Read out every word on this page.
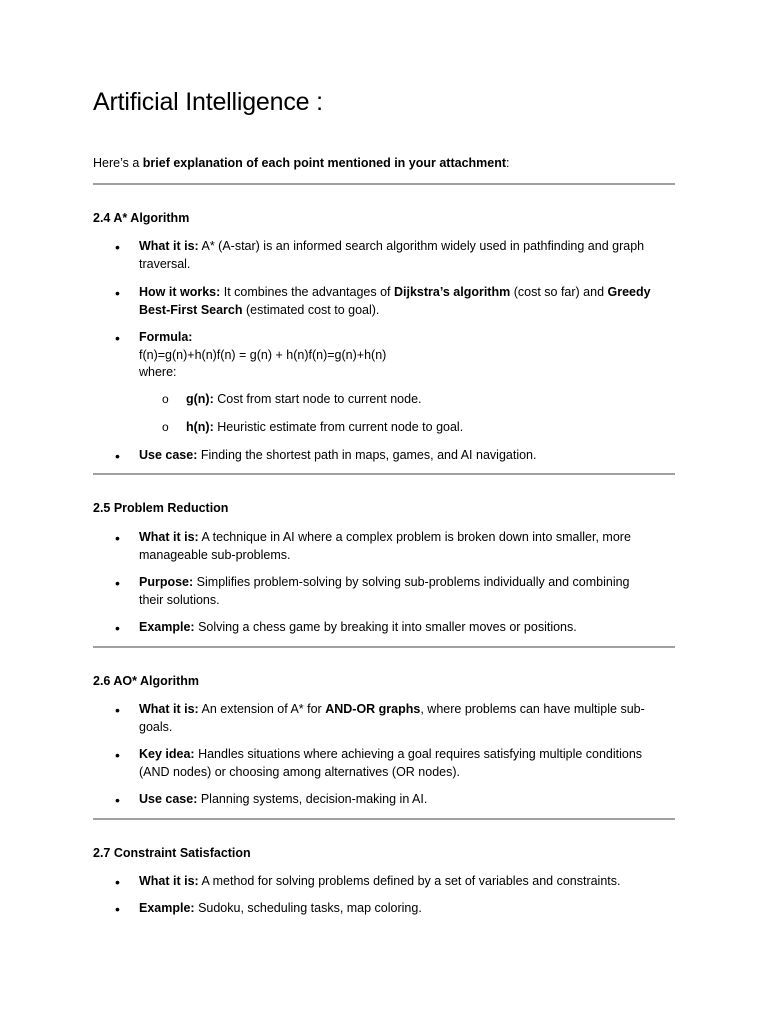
Artificial Intelligence :

Here’s a brief explanation of each point mentioned in your attachment:

2.4 A* Algorithm
• What it is: A* (A-star) is an informed search algorithm widely used in pathfinding and graph
traversal.
• How it works: It combines the advantages of Dijkstra’s algorithm (cost so far) and Greedy
Best-First Search (estimated cost to goal).
• Formula:
f(n)=g(n)+h(n)f(n) = g(n) + h(n)f(n)=g(n)+h(n)
where:
o g(n): Cost from start node to current node.
o h(n): Heuristic estimate from current node to goal.
• Use case: Finding the shortest path in maps, games, and AI navigation.
2.5 Problem Reduction
• What it is: A technique in AI where a complex problem is broken down into smaller, more
manageable sub-problems.
• Purpose: Simplifies problem-solving by solving sub-problems individually and combining
their solutions.
• Example: Solving a chess game by breaking it into smaller moves or positions.
2.6 AO* Algorithm
• What it is: An extension of A* for AND-OR graphs, where problems can have multiple sub-
goals.
• Key idea: Handles situations where achieving a goal requires satisfying multiple conditions
(AND nodes) or choosing among alternatives (OR nodes).
• Use case: Planning systems, decision-making in AI.
2.7 Constraint Satisfaction
• What it is: A method for solving problems defined by a set of variables and constraints.
• Example: Sudoku, scheduling tasks, map coloring.
